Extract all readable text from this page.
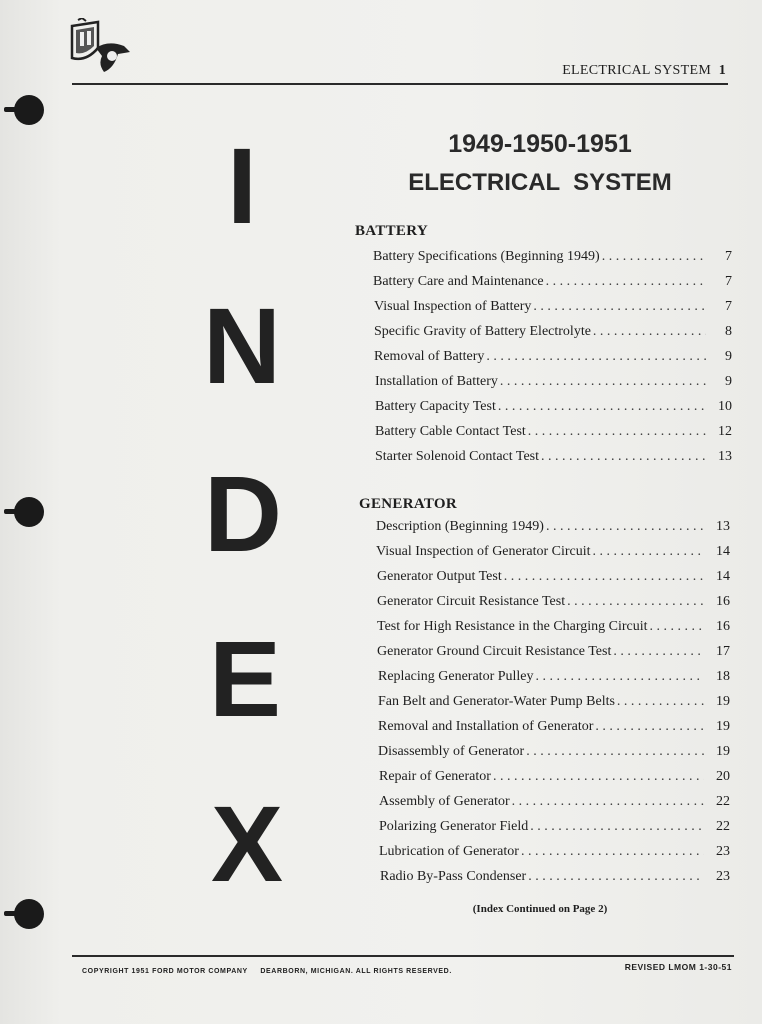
ELECTRICAL SYSTEM 1
I
N
D
E
X
1949-1950-1951
ELECTRICAL  SYSTEM
BATTERY
Battery Specifications (Beginning 1949) . . .	7
Battery Care and Maintenance . . .	7
Visual Inspection of Battery . . .	7
Specific Gravity of Battery Electrolyte . . .	8
Removal of Battery . . .	9
Installation of Battery . . .	9
Battery Capacity Test . . .	10
Battery Cable Contact Test . . .	12
Starter Solenoid Contact Test . . .	13
GENERATOR
Description (Beginning 1949) . . .	13
Visual Inspection of Generator Circuit . . .	14
Generator Output Test . . .	14
Generator Circuit Resistance Test . . .	16
Test for High Resistance in the Charging Circuit . . .	16
Generator Ground Circuit Resistance Test . . .	17
Replacing Generator Pulley . . .	18
Fan Belt and Generator-Water Pump Belts . . .	19
Removal and Installation of Generator . . .	19
Disassembly of Generator . . .	19
Repair of Generator . . .	20
Assembly of Generator . . .	22
Polarizing Generator Field . . .	22
Lubrication of Generator . . .	23
Radio By-Pass Condenser . . .	23
(Index Continued on Page 2)
COPYRIGHT 1951 FORD MOTOR COMPANY     DEARBORN, MICHIGAN. ALL RIGHTS RESERVED.	REVISED LMOM 1-30-51
